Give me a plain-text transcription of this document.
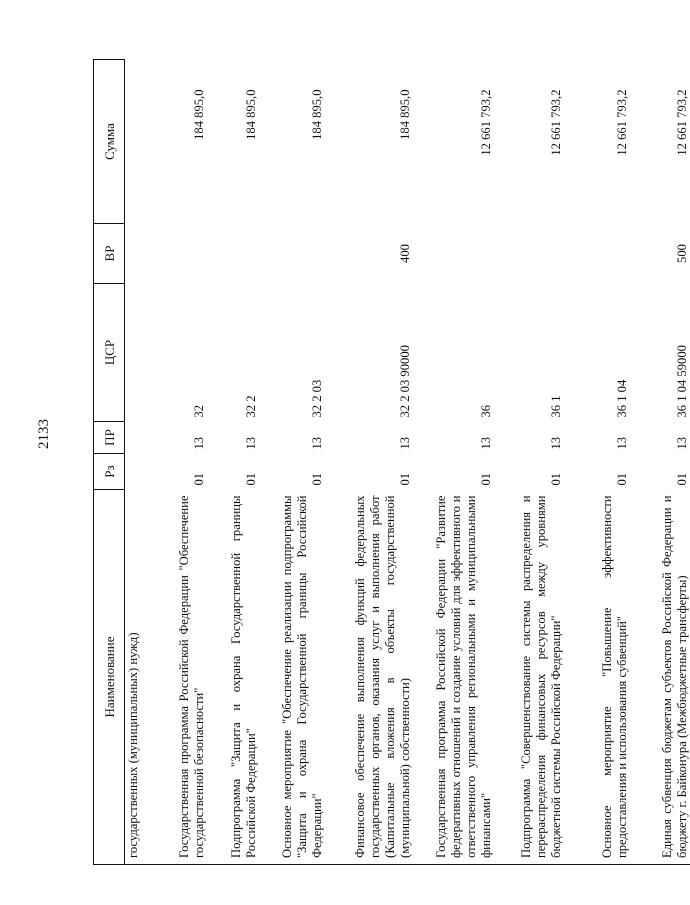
2133
Наименование	Рз	ПР	ЦСР	ВР	Сумма
государственных (муниципальных) нужд)					
Государственная программа Российской Федерации "Обеспечение государственной безопасности"	01	13	32		184 895,0
Подпрограмма "Защита и охрана Государственной границы Российской Федерации"	01	13	32 2		184 895,0
Основное мероприятие "Обеспечение реализации подпрограммы "Защита и охрана Государственной границы Российской Федерации"	01	13	32 2 03		184 895,0
Финансовое обеспечение выполнения функций федеральных государственных органов, оказания услуг и выполнения работ (Капитальные вложения в объекты государственной (муниципальной) собственности)	01	13	32 2 03 90000	400	184 895,0
Государственная программа Российской Федерации "Развитие федеративных отношений и создание условий для эффективного и ответственного управления региональными и муниципальными финансами"	01	13	36		12 661 793,2
Подпрограмма "Совершенствование системы распределения и перераспределения финансовых ресурсов между уровнями бюджетной системы Российской Федерации"	01	13	36 1		12 661 793,2
Основное мероприятие "Повышение эффективности предоставления и использования субвенций"	01	13	36 1 04		12 661 793,2
Единая субвенция бюджетам субъектов Российской Федерации и бюджету г. Байконура (Межбюджетные трансферты)	01	13	36 1 04 59000	500	12 661 793,2
